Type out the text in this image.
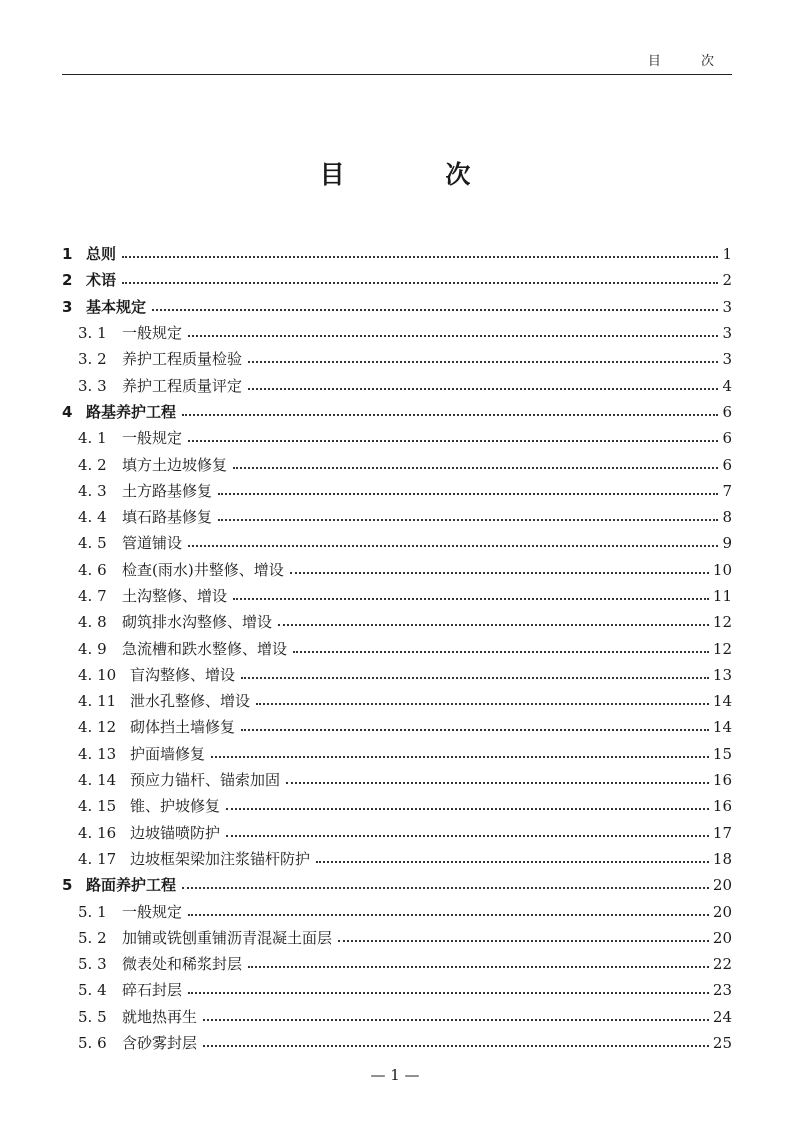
目 次
目 次
1 总则	1
2 术语	2
3 基本规定	3
3. 1	一般规定	3
3. 2	养护工程质量检验	3
3. 3	养护工程质量评定	4
4 路基养护工程	6
4. 1	一般规定	6
4. 2	填方土边坡修复	6
4. 3	土方路基修复	7
4. 4	填石路基修复	8
4. 5	管道铺设	9
4. 6	检查(雨水)井整修、增设	10
4. 7	土沟整修、增设	11
4. 8	砌筑排水沟整修、增设	12
4. 9	急流槽和跌水整修、增设	12
4. 10 盲沟整修、增设	13
4. 11 泄水孔整修、增设	14
4. 12 砌体挡土墙修复	14
4. 13 护面墙修复	15
4. 14 预应力锚杆、锚索加固	16
4. 15 锥、护坡修复	16
4. 16 边坡锚喷防护	17
4. 17 边坡框架梁加注浆锚杆防护	18
5 路面养护工程	20
5. 1	一般规定	20
5. 2	加铺或铣刨重铺沥青混凝土面层	20
5. 3	微表处和稀浆封层	22
5. 4	碎石封层	23
5. 5	就地热再生	24
5. 6	含砂雾封层	25
— 1 —
